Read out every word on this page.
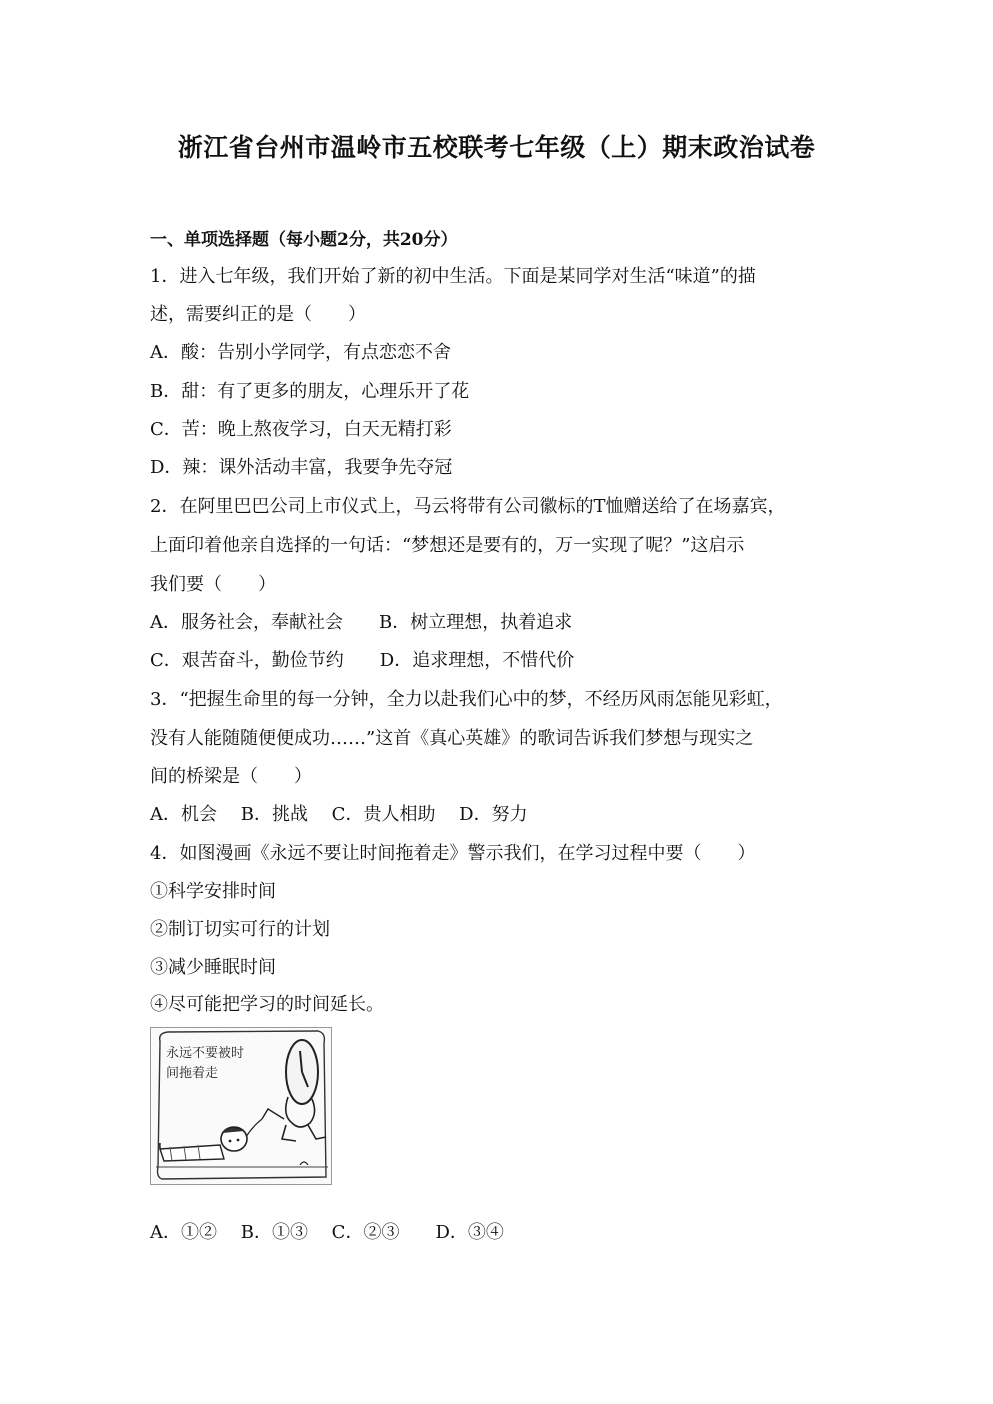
浙江省台州市温岭市五校联考七年级（上）期末政治试卷
一、单项选择题（每小题2分，共20分）
1．进入七年级，我们开始了新的初中生活。下面是某同学对生活“味道”的描
述，需要纠正的是（　　）
A．酸：告别小学同学，有点恋恋不舍
B．甜：有了更多的朋友，心理乐开了花
C．苦：晚上熬夜学习，白天无精打彩
D．辣：课外活动丰富，我要争先夺冠
2．在阿里巴巴公司上市仪式上，马云将带有公司徽标的T恤赠送给了在场嘉宾，
上面印着他亲自选择的一句话：“梦想还是要有的，万一实现了呢？”这启示
我们要（　　）
A．服务社会，奉献社会　　B．树立理想，执着追求
C．艰苦奋斗，勤俭节约　　D．追求理想，不惜代价
3．“把握生命里的每一分钟，全力以赴我们心中的梦，不经历风雨怎能见彩虹，
没有人能随随便便成功……”这首《真心英雄》的歌词告诉我们梦想与现实之
间的桥梁是（　　）
A．机会　 B．挑战　 C．贵人相助　 D．努力
4．如图漫画《永远不要让时间拖着走》警示我们，在学习过程中要（　　）
①科学安排时间
②制订切实可行的计划
③减少睡眠时间
④尽可能把学习的时间延长。
永远不要被时
间拖着走
A．①②　 B．①③　 C．②③　　D．③④
